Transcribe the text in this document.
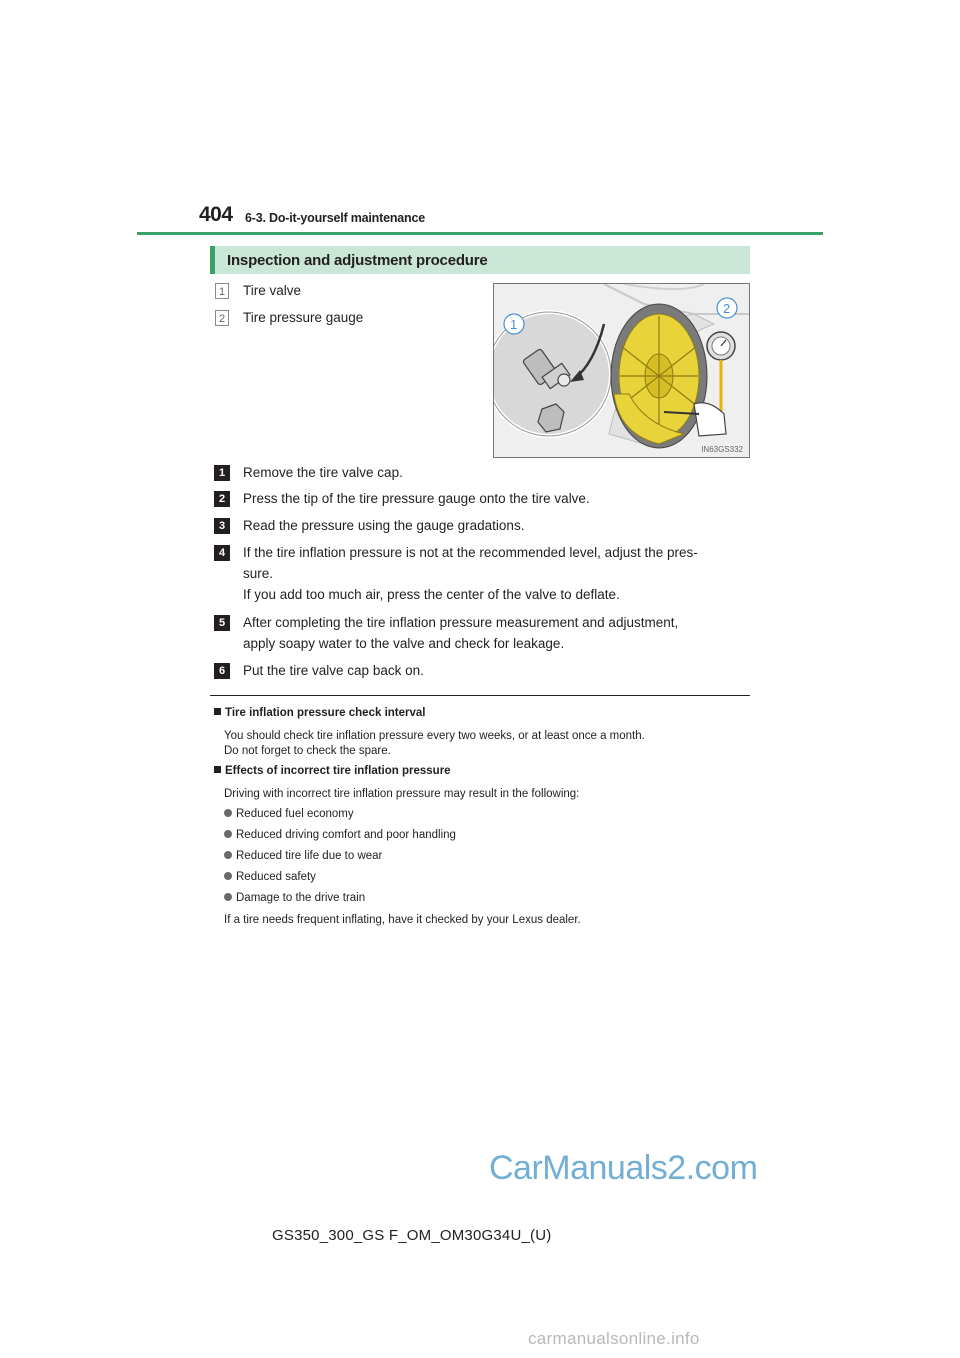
404 6-3. Do-it-yourself maintenance
Inspection and adjustment procedure
1 Tire valve
2 Tire pressure gauge	1
2
IN63GS332
1	Remove the tire valve cap.
2	Press the tip of the tire pressure gauge onto the tire valve.
3	Read the pressure using the gauge gradations.
4	If the tire inflation pressure is not at the recommended level, adjust the pres-
sure.
If you add too much air, press the center of the valve to deflate.
5	After completing the tire inflation pressure measurement and adjustment,
apply soapy water to the valve and check for leakage.
6	Put the tire valve cap back on.
Tire inflation pressure check interval
You should check tire inflation pressure every two weeks, or at least once a month.
Do not forget to check the spare.
Effects of incorrect tire inflation pressure
Driving with incorrect tire inflation pressure may result in the following:
Reduced fuel economy
Reduced driving comfort and poor handling
Reduced tire life due to wear
Reduced safety
Damage to the drive train
If a tire needs frequent inflating, have it checked by your Lexus dealer.
CarManuals2.com
GS350_300_GS F_OM_OM30G34U_(U)
carmanualsonline.info
